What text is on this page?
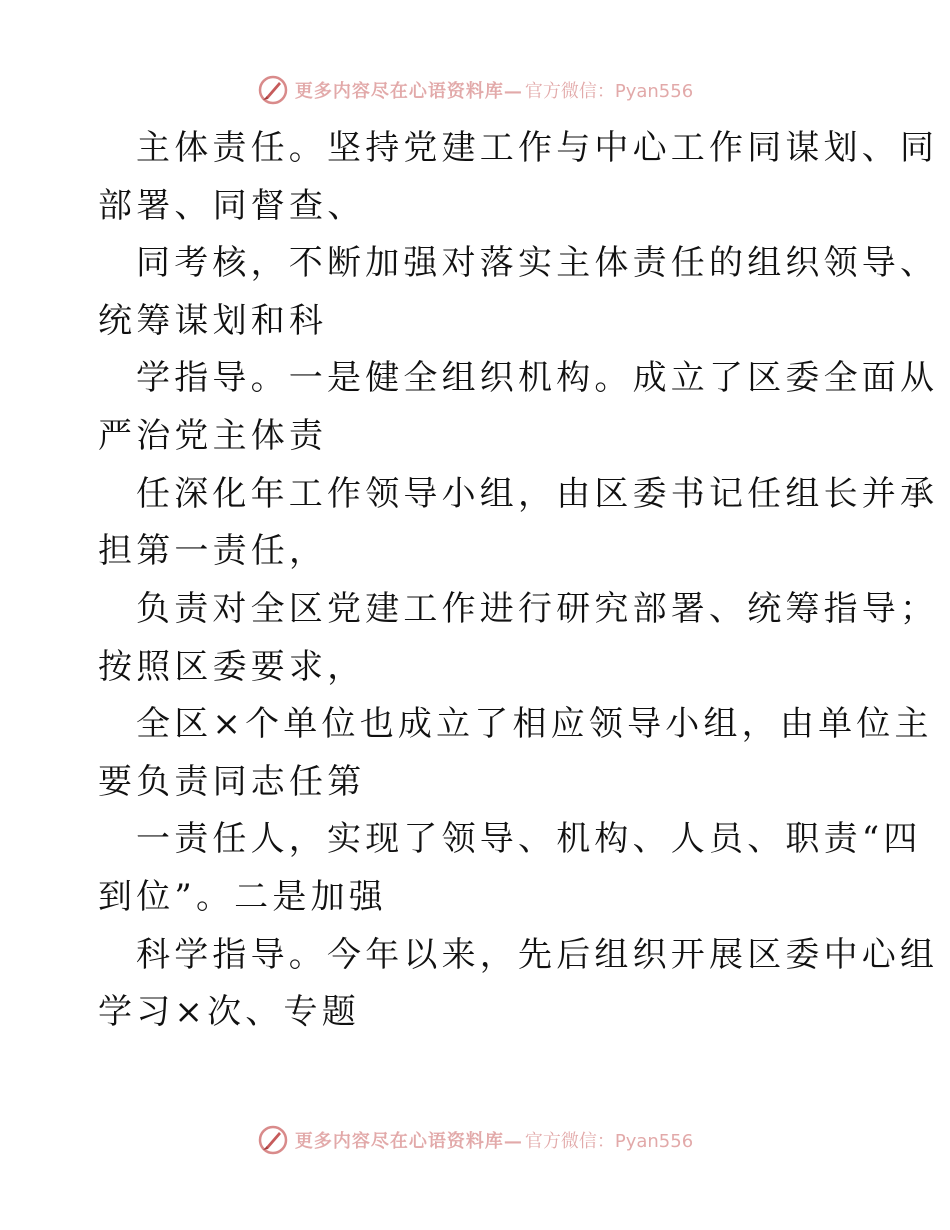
更多内容尽在心语资料库— 官方微信：Pyan556
主体责任。坚持党建工作与中心工作同谋划、同
部署、同督查、
同考核，不断加强对落实主体责任的组织领导、
统筹谋划和科
学指导。一是健全组织机构。成立了区委全面从
严治党主体责
任深化年工作领导小组，由区委书记任组长并承
担第一责任，
负责对全区党建工作进行研究部署、统筹指导；
按照区委要求，
全区×个单位也成立了相应领导小组，由单位主
要负责同志任第
一责任人，实现了领导、机构、人员、职责“四
到位”。二是加强
科学指导。今年以来，先后组织开展区委中心组
学习×次、专题
更多内容尽在心语资料库— 官方微信：Pyan556
